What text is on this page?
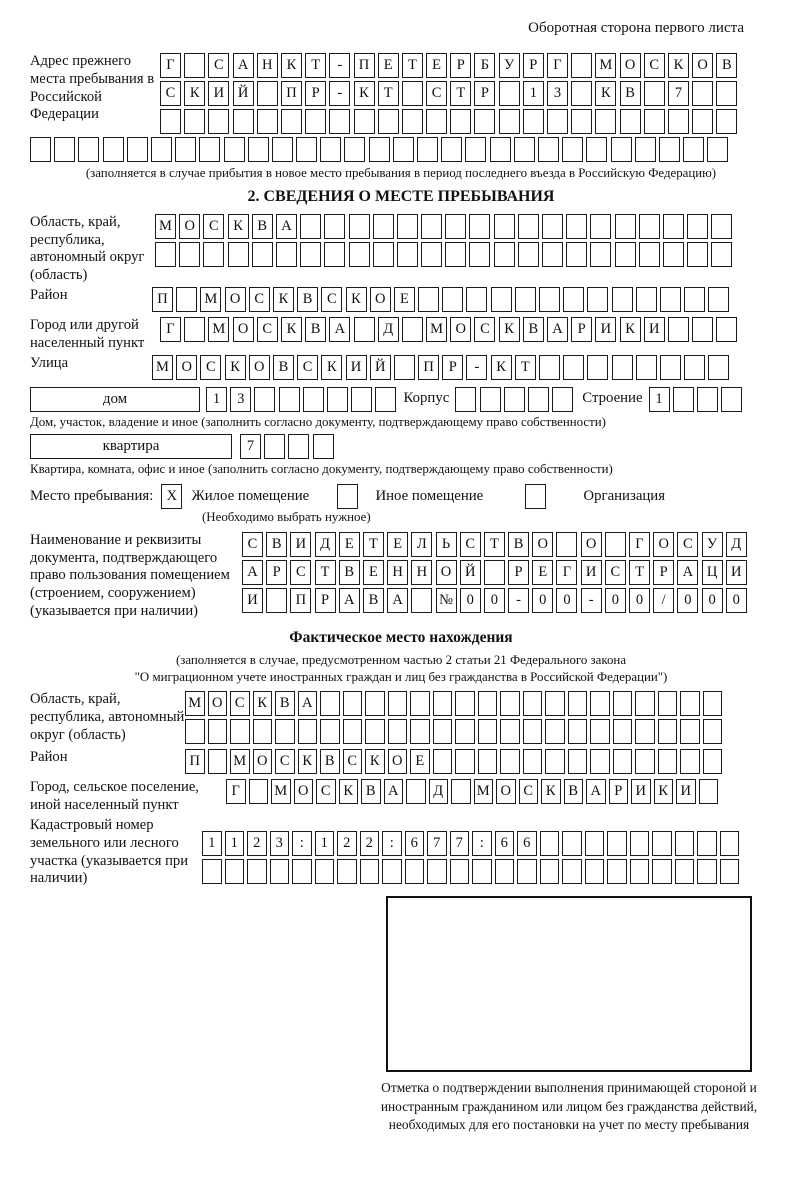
Оборотная сторона первого листа
Адрес прежнего места пребывания в Российской Федерации
Г	С А Н К	Т	-	П	Е	Т	Е	Р	Б	У	Р	Г	М О С	К О В
С	К И Й	П	Р	-	К	Т	С	Т	Р	1	3	К	В	7
(заполняется в случае прибытия в новое место пребывания в период последнего въезда в Российскую Федерацию)
2. СВЕДЕНИЯ О МЕСТЕ ПРЕБЫВАНИЯ
Область, край, республика, автономный округ (область)
М О С	К	В А
Район	П	М О С	К	В	С	К О	Е
Город или другой населенный пункт
Г	М О С	К	В А	Д	М О С	К	В А	Р	И К И
Улица	М О С	К О В	С	К И Й	П	Р	-	К	Т
дом	1	3	Корпус	Строение 1
Дом, участок, владение и иное (заполнить согласно документу, подтверждающему право собственности)
квартира	7
Квартира, комната, офис и иное (заполнить согласно документу, подтверждающему право собственности)
Место пребывания: X Жилое помещение	Иное помещение	Организация
(Необходимо выбрать нужное)
Наименование и реквизиты документа, подтверждающего право пользования помещением (строением, сооружением) (указывается при наличии)
С	В И Д	Е	Т	Е	Л	Ь	С	Т	В О	О	Г	О С У Д
А	Р	С	Т	В	Е	Н Н О Й	Р	Е	Г	И С	Т	Р	А Ц И
И	П	Р	А В А	№ 0	0	-	0	0	-	0	0	/	0	0	0
Фактическое место нахождения
(заполняется в случае, предусмотренном частью 2 статьи 21 Федерального закона
"О миграционном учете иностранных граждан и лиц без гражданства в Российской Федерации")
Область, край, республика, автономный округ (область)
М О С К В А
Район	П	М О С К В С К О Е
Город, сельское поселение, иной населенный пункт
Г	М О С К В А	Д	М О С К В А Р И К И
Кадастровый номер земельного или лесного участка (указывается при наличии)
1	1	2	3	:	1	2	2	:	6	7	7	:	6	6
Отметка о подтверждении выполнения принимающей стороной и иностранным гражданином или лицом без гражданства действий, необходимых для его постановки на учет по месту пребывания
